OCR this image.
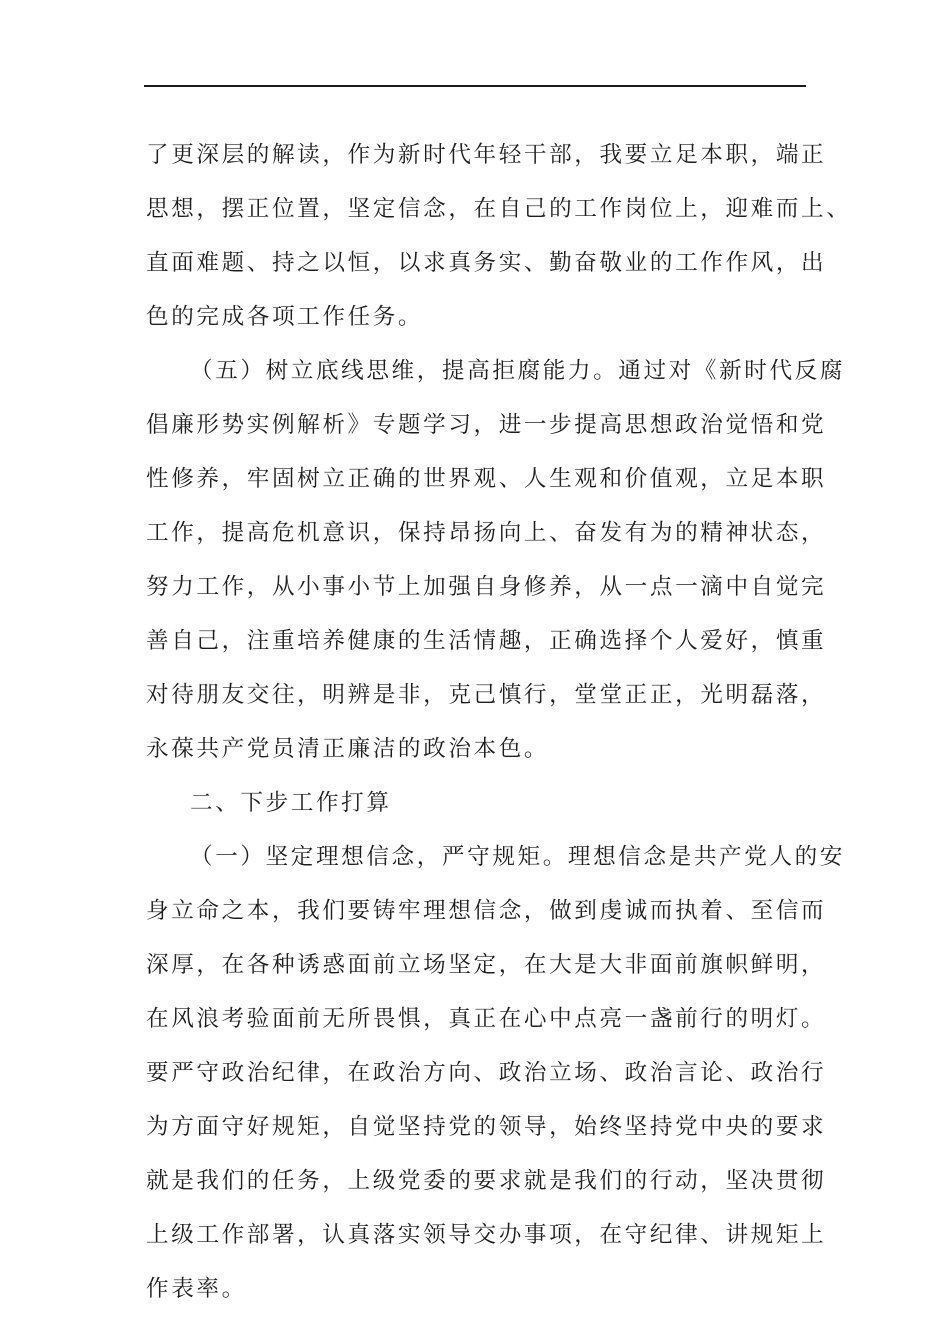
了更深层的解读，作为新时代年轻干部，我要立足本职，端正
思想，摆正位置，坚定信念，在自己的工作岗位上，迎难而上、
直面难题、持之以恒，以求真务实、勤奋敬业的工作作风，出
色的完成各项工作任务。
（五）树立底线思维，提高拒腐能力。通过对《新时代反腐
倡廉形势实例解析》专题学习，进一步提高思想政治觉悟和党
性修养，牢固树立正确的世界观、人生观和价值观，立足本职
工作，提高危机意识，保持昂扬向上、奋发有为的精神状态，
努力工作，从小事小节上加强自身修养，从一点一滴中自觉完
善自己，注重培养健康的生活情趣，正确选择个人爱好，慎重
对待朋友交往，明辨是非，克己慎行，堂堂正正，光明磊落，
永葆共产党员清正廉洁的政治本色。
二、下步工作打算
（一）坚定理想信念，严守规矩。理想信念是共产党人的安
身立命之本，我们要铸牢理想信念，做到虔诚而执着、至信而
深厚，在各种诱惑面前立场坚定，在大是大非面前旗帜鲜明，
在风浪考验面前无所畏惧，真正在心中点亮一盏前行的明灯。
要严守政治纪律，在政治方向、政治立场、政治言论、政治行
为方面守好规矩，自觉坚持党的领导，始终坚持党中央的要求
就是我们的任务，上级党委的要求就是我们的行动，坚决贯彻
上级工作部署，认真落实领导交办事项，在守纪律、讲规矩上
作表率。
